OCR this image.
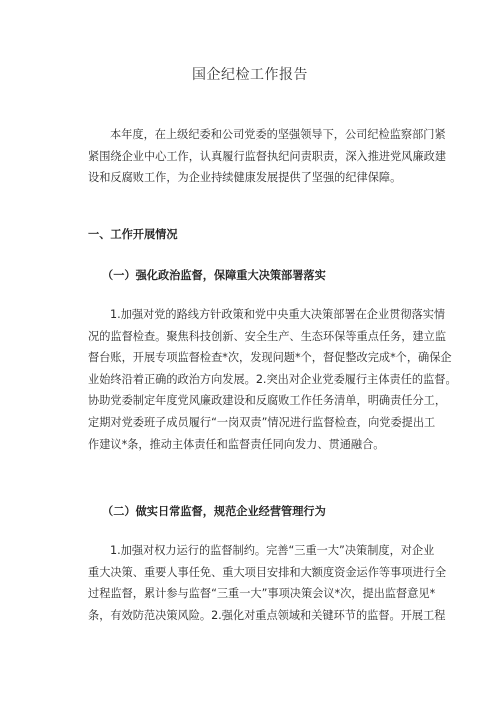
国企纪检工作报告
本年度，在上级纪委和公司党委的坚强领导下，公司纪检监察部门紧
紧围绕企业中心工作，认真履行监督执纪问责职责，深入推进党风廉政建
设和反腐败工作，为企业持续健康发展提供了坚强的纪律保障。
一、工作开展情况
（一）强化政治监督，保障重大决策部署落实
1.加强对党的路线方针政策和党中央重大决策部署在企业贯彻落实情
况的监督检查。聚焦科技创新、安全生产、生态环保等重点任务，建立监
督台账，开展专项监督检查*次，发现问题*个，督促整改完成*个，确保企
业始终沿着正确的政治方向发展。2.突出对企业党委履行主体责任的监督。
协助党委制定年度党风廉政建设和反腐败工作任务清单，明确责任分工，
定期对党委班子成员履行“一岗双责”情况进行监督检查，向党委提出工
作建议*条，推动主体责任和监督责任同向发力、贯通融合。
（二）做实日常监督，规范企业经营管理行为
1.加强对权力运行的监督制约。完善“三重一大”决策制度，对企业
重大决策、重要人事任免、重大项目安排和大额度资金运作等事项进行全
过程监督，累计参与监督“三重一大”事项决策会议*次，提出监督意见*
条，有效防范决策风险。2.强化对重点领域和关键环节的监督。开展工程
